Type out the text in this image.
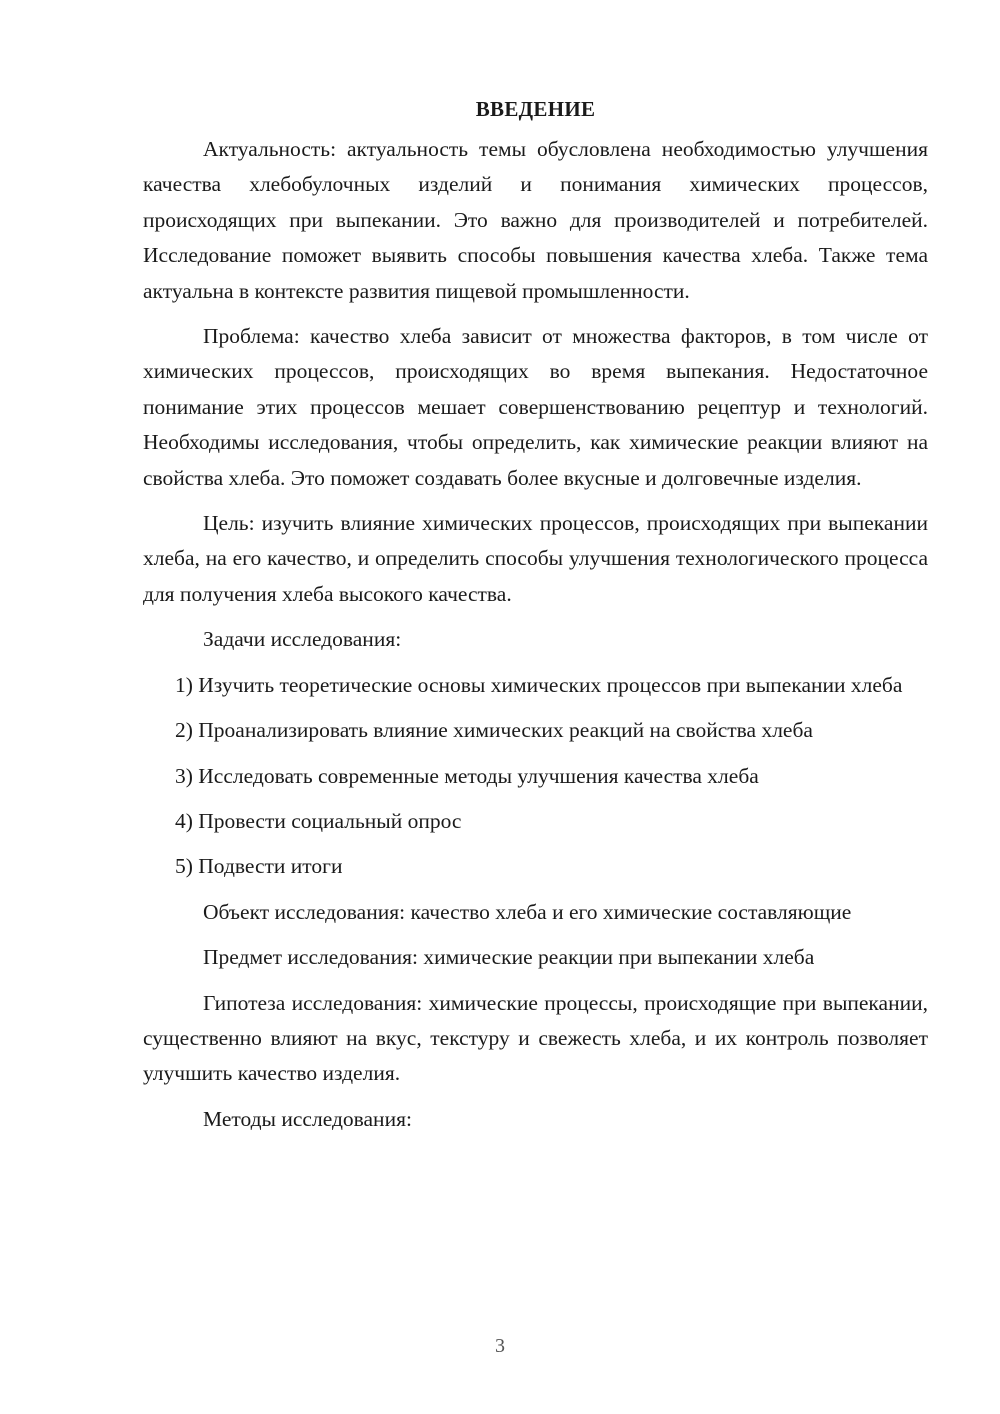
ВВЕДЕНИЕ

Актуальность: актуальность темы обусловлена необходимостью улучшения качества хлебобулочных изделий и понимания химических процессов, происходящих при выпекании. Это важно для производителей и потребителей. Исследование поможет выявить способы повышения качества хлеба. Также тема актуальна в контексте развития пищевой промышленности.

Проблема: качество хлеба зависит от множества факторов, в том числе от химических процессов, происходящих во время выпекания. Недостаточное понимание этих процессов мешает совершенствованию рецептур и технологий. Необходимы исследования, чтобы определить, как химические реакции влияют на свойства хлеба. Это поможет создавать более вкусные и долговечные изделия.

Цель: изучить влияние химических процессов, происходящих при выпекании хлеба, на его качество, и определить способы улучшения технологического процесса для получения хлеба высокого качества.

Задачи исследования:

1) Изучить теоретические основы химических процессов при выпекании хлеба

2) Проанализировать влияние химических реакций на свойства хлеба

3) Исследовать современные методы улучшения качества хлеба

4) Провести социальный опрос

5) Подвести итоги

Объект исследования: качество хлеба и его химические составляющие

Предмет исследования: химические реакции при выпекании хлеба

Гипотеза исследования: химические процессы, происходящие при выпекании, существенно влияют на вкус, текстуру и свежесть хлеба, и их контроль позволяет улучшить качество изделия.

Методы исследования:

3
